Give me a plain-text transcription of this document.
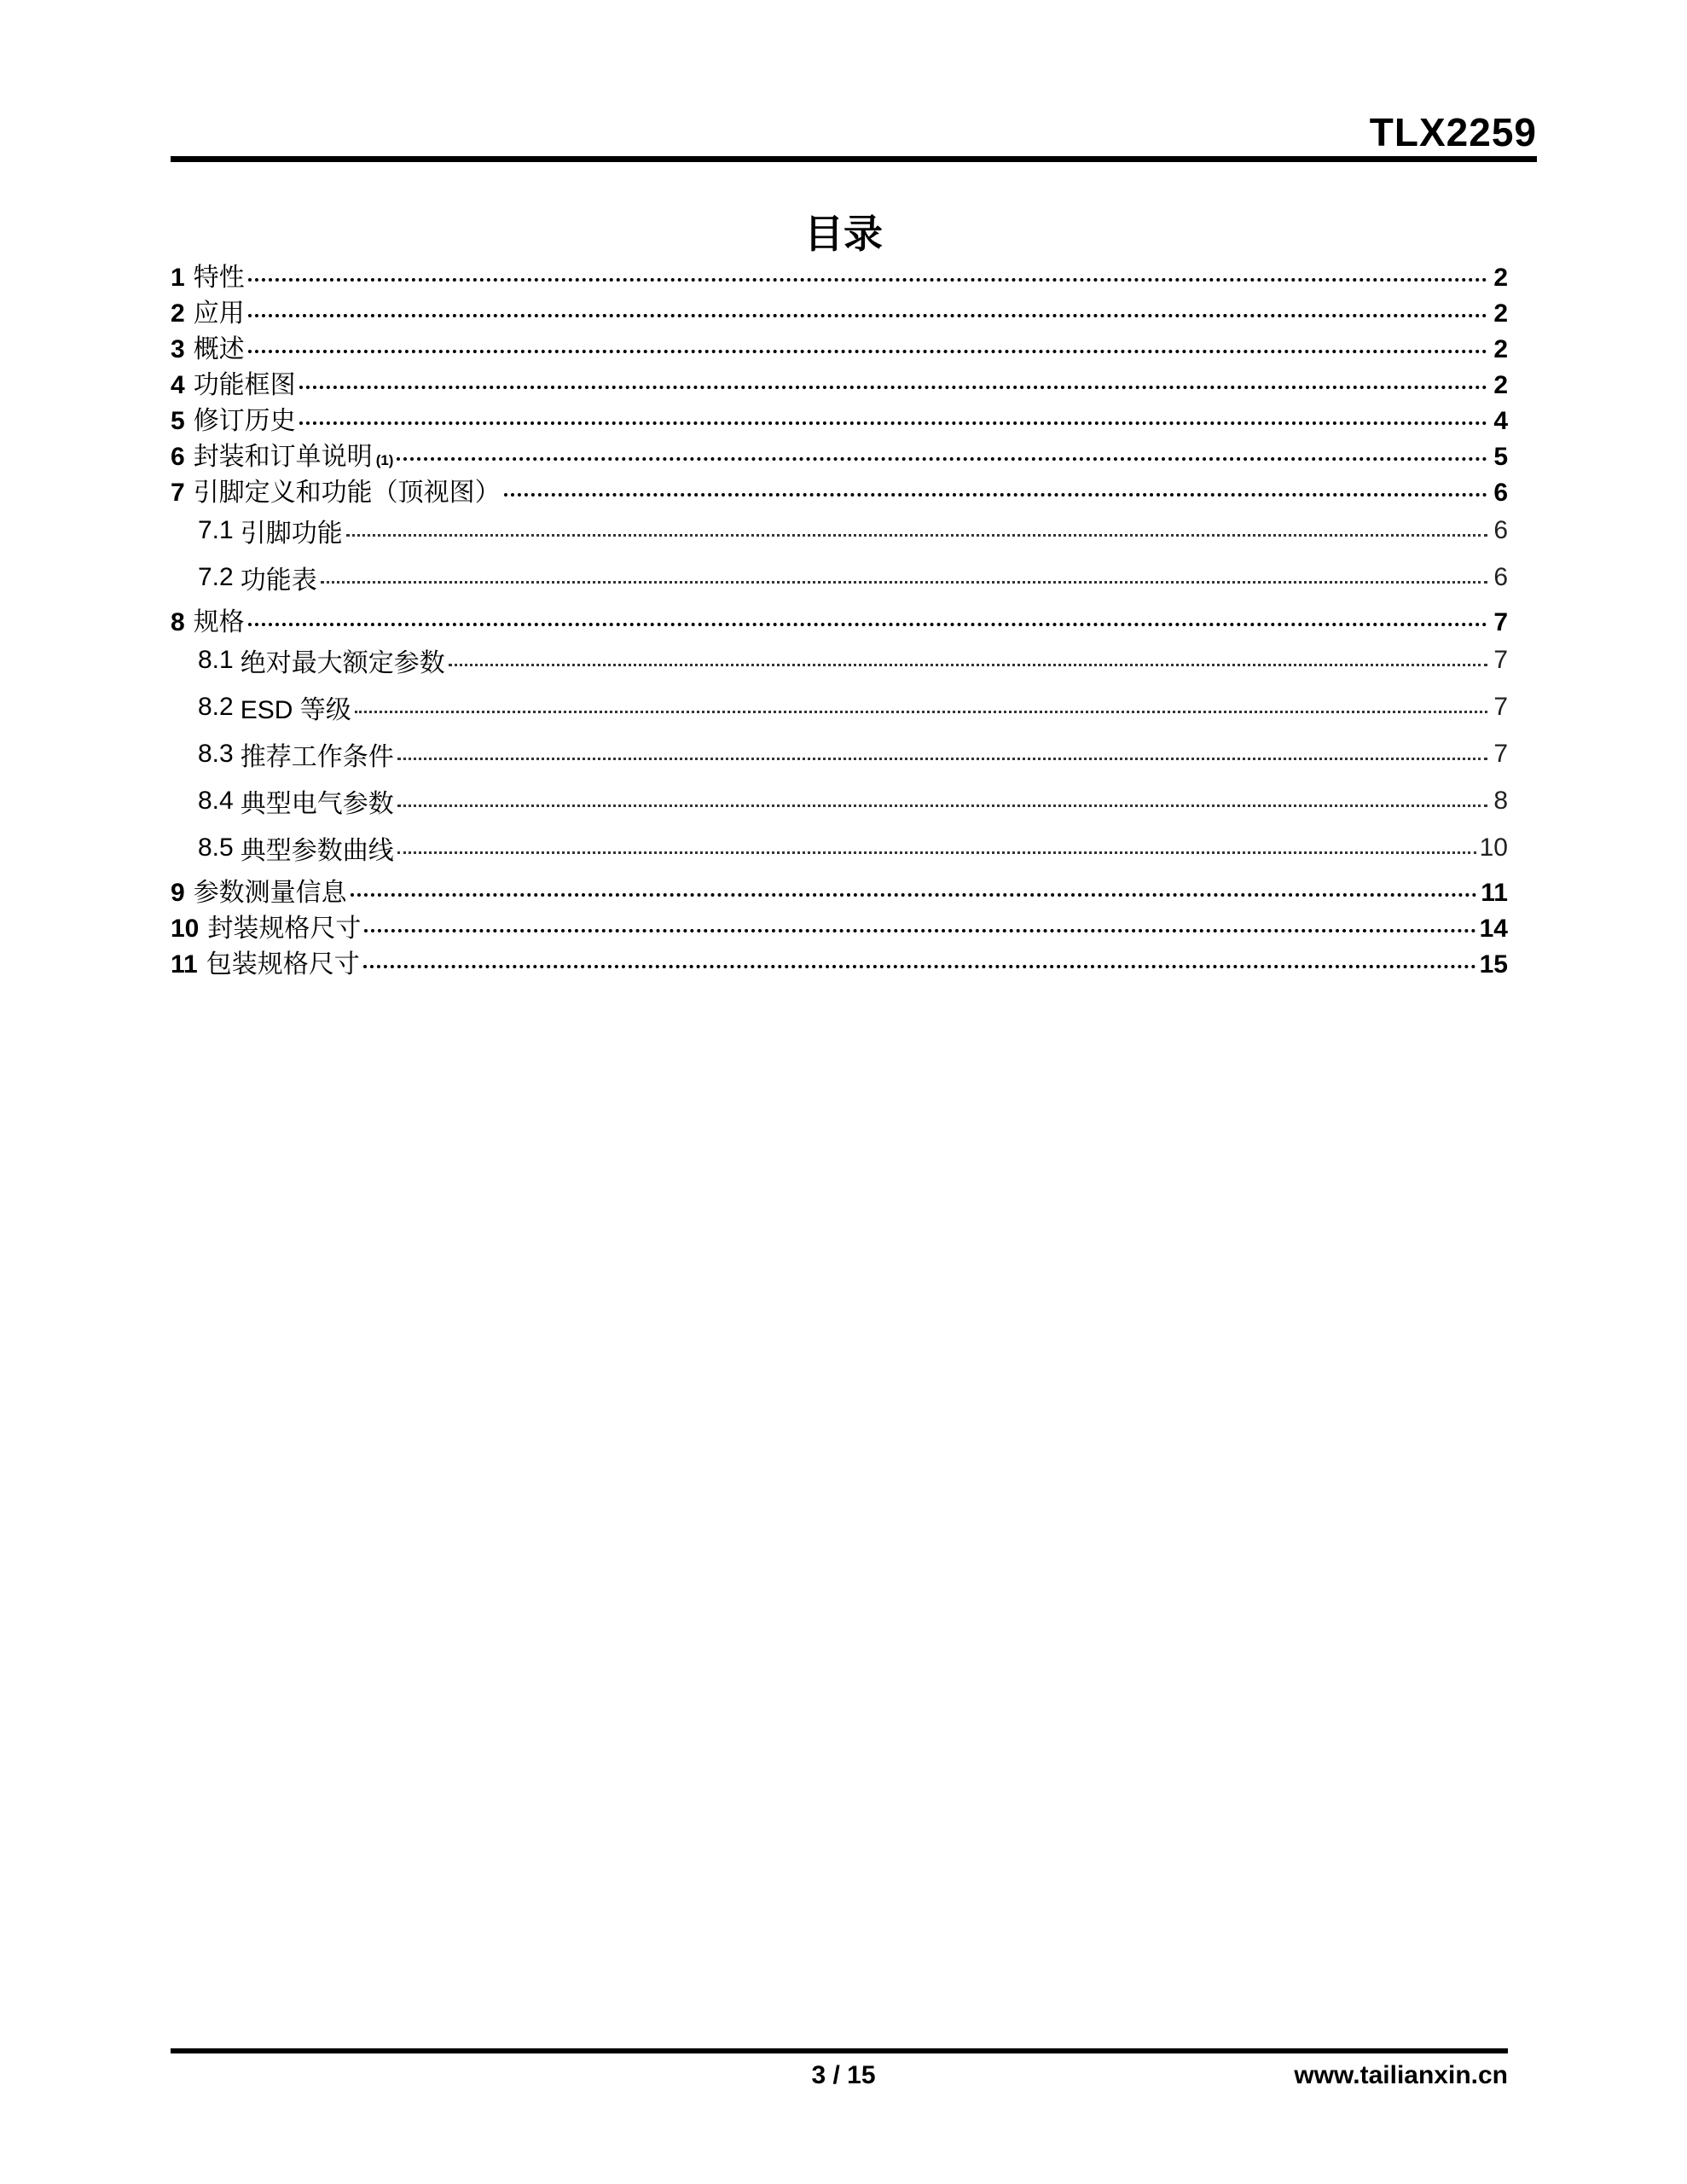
TLX2259
目录
1 特性	2
2 应用	2
3 概述	2
4 功能框图	2
5 修订历史	4
6 封装和订单说明 (1)	5
7 引脚定义和功能（顶视图）	6
7.1 引脚功能	6
7.2 功能表	6
8 规格	7
8.1 绝对最大额定参数	7
8.2 ESD 等级	7
8.3 推荐工作条件	7
8.4 典型电气参数	8
8.5 典型参数曲线	10
9 参数测量信息	11
10 封装规格尺寸	14
11 包装规格尺寸	15
3 / 15	www.tailianxin.cn
